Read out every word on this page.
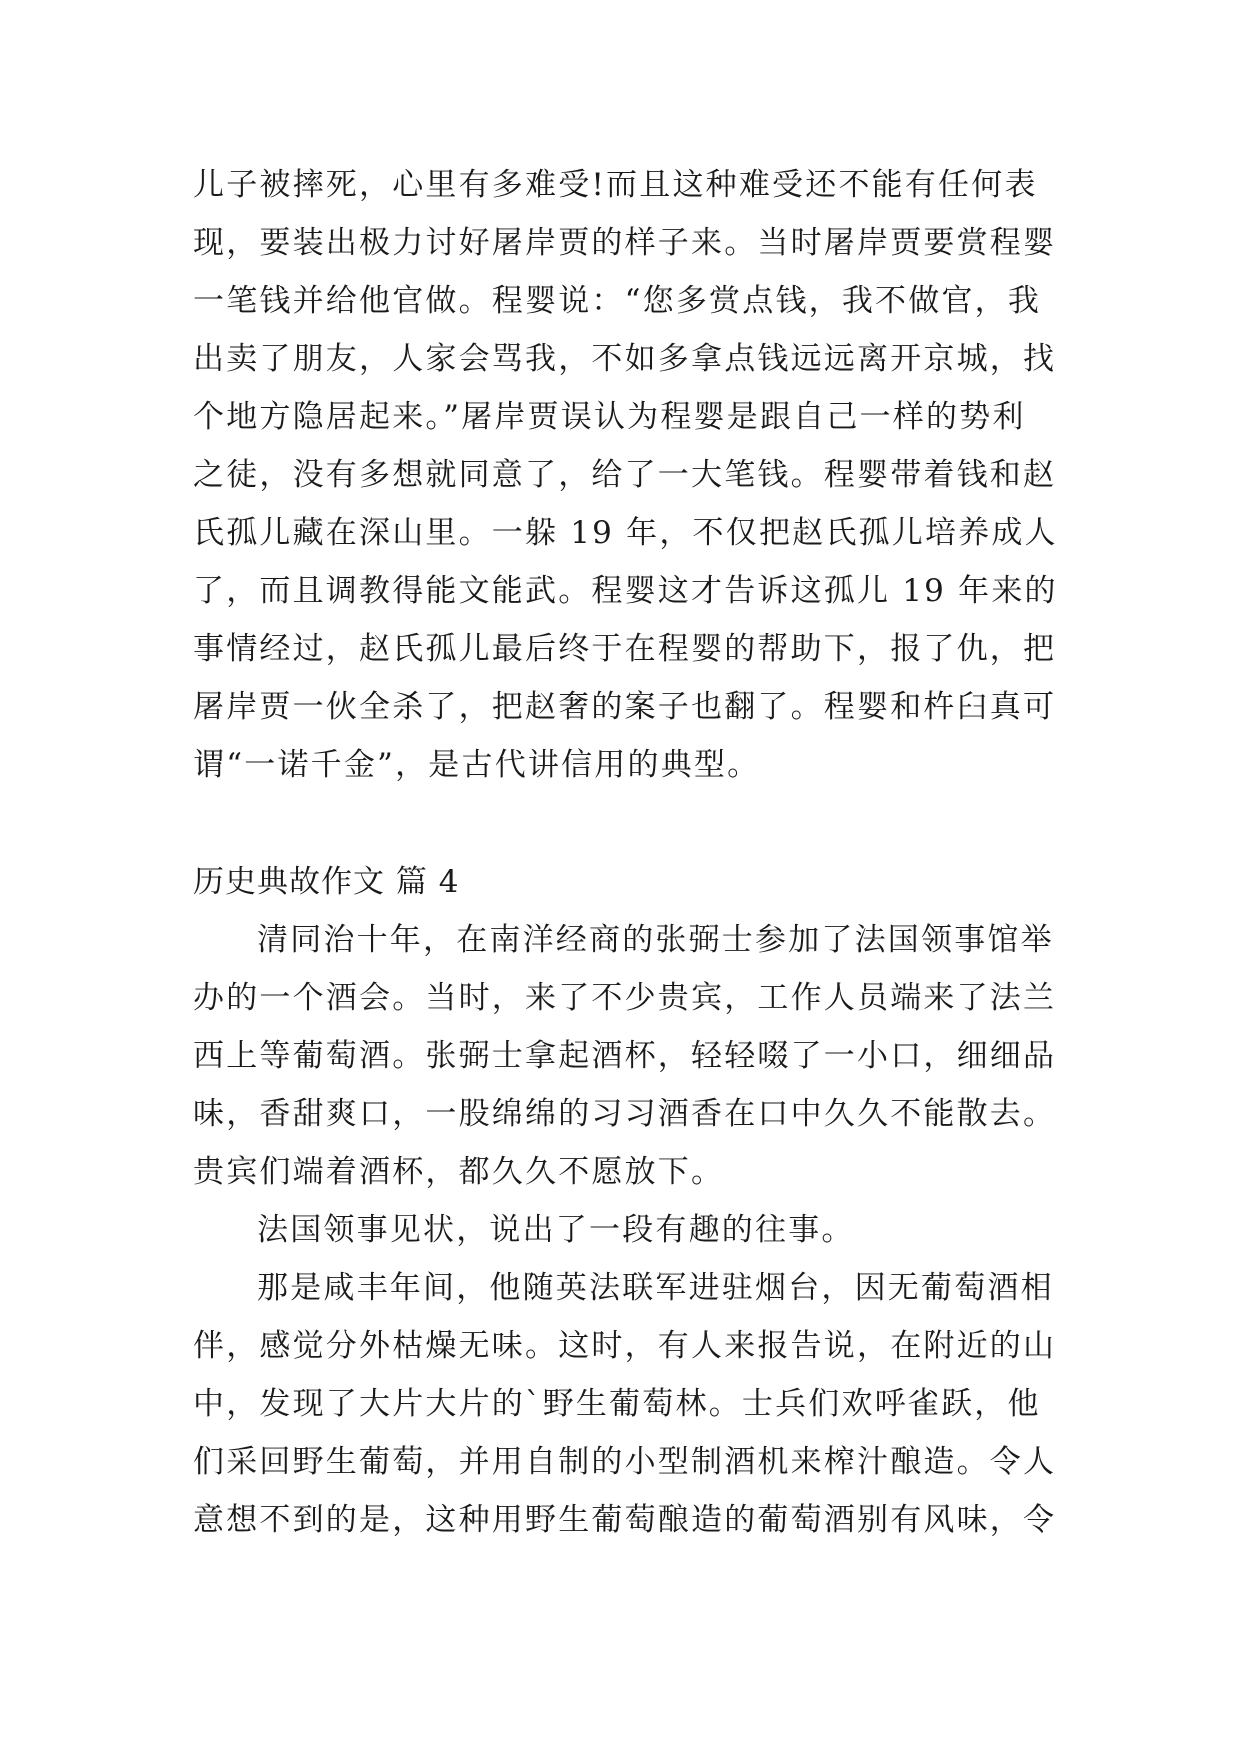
儿子被摔死，心里有多难受!而且这种难受还不能有任何表
现，要装出极力讨好屠岸贾的样子来。当时屠岸贾要赏程婴
一笔钱并给他官做。程婴说：“您多赏点钱，我不做官，我
出卖了朋友，人家会骂我，不如多拿点钱远远离开京城，找
个地方隐居起来。”屠岸贾误认为程婴是跟自己一样的势利
之徒，没有多想就同意了，给了一大笔钱。程婴带着钱和赵
氏孤儿藏在深山里。一躲 19 年，不仅把赵氏孤儿培养成人
了，而且调教得能文能武。程婴这才告诉这孤儿 19 年来的
事情经过，赵氏孤儿最后终于在程婴的帮助下，报了仇，把
屠岸贾一伙全杀了，把赵奢的案子也翻了。程婴和杵臼真可
谓“一诺千金”，是古代讲信用的典型。
历史典故作文 篇 4
清同治十年，在南洋经商的张弼士参加了法国领事馆举
办的一个酒会。当时，来了不少贵宾，工作人员端来了法兰
西上等葡萄酒。张弼士拿起酒杯，轻轻啜了一小口，细细品
味，香甜爽口，一股绵绵的习习酒香在口中久久不能散去。
贵宾们端着酒杯，都久久不愿放下。
法国领事见状，说出了一段有趣的往事。
那是咸丰年间，他随英法联军进驻烟台，因无葡萄酒相
伴，感觉分外枯燥无味。这时，有人来报告说，在附近的山
中，发现了大片大片的`野生葡萄林。士兵们欢呼雀跃，他
们采回野生葡萄，并用自制的小型制酒机来榨汁酿造。令人
意想不到的是，这种用野生葡萄酿造的葡萄酒别有风味，令
